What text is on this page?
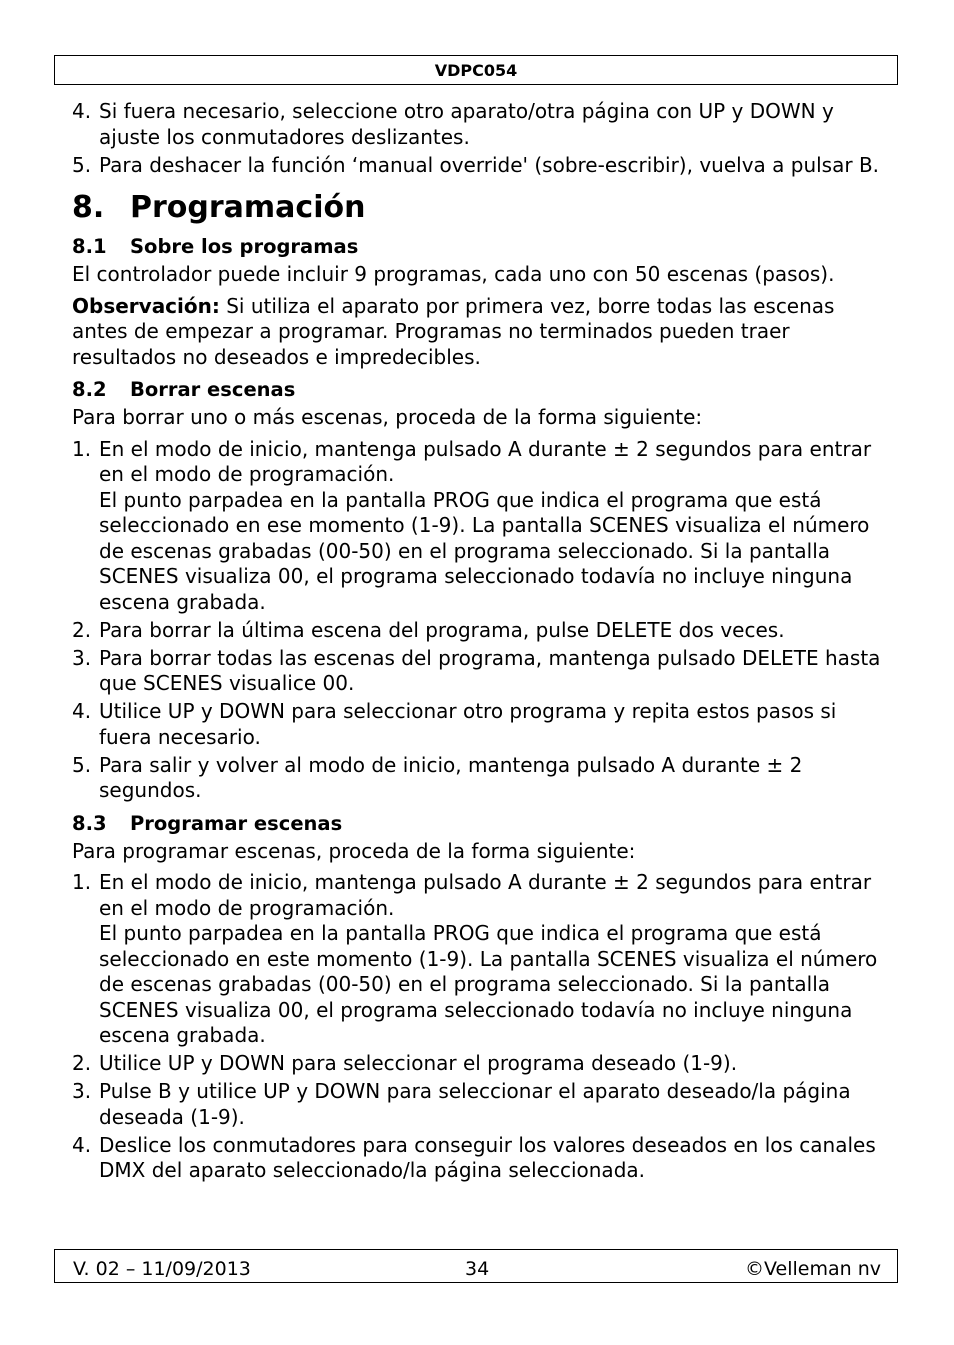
VDPC054
4. Si fuera necesario, seleccione otro aparato/otra página con UP y DOWN y ajuste los conmutadores deslizantes.
5. Para deshacer la función ‘manual override' (sobre-escribir), vuelva a pulsar B.
8. Programación
8.1	Sobre los programas

El controlador puede incluir 9 programas, cada uno con 50 escenas (pasos).

Observación: Si utiliza el aparato por primera vez, borre todas las escenas antes de empezar a programar. Programas no terminados pueden traer resultados no deseados e impredecibles.

8.2	Borrar escenas

Para borrar uno o más escenas, proceda de la forma siguiente:

1. En el modo de inicio, mantenga pulsado A durante ± 2 segundos para entrar en el modo de programación.
El punto parpadea en la pantalla PROG que indica el programa que está seleccionado en ese momento (1-9). La pantalla SCENES visualiza el número de escenas grabadas (00-50) en el programa seleccionado. Si la pantalla SCENES visualiza 00, el programa seleccionado todavía no incluye ninguna escena grabada.
2. Para borrar la última escena del programa, pulse DELETE dos veces.
3. Para borrar todas las escenas del programa, mantenga pulsado DELETE hasta que SCENES visualice 00.
4. Utilice UP y DOWN para seleccionar otro programa y repita estos pasos si fuera necesario.
5. Para salir y volver al modo de inicio, mantenga pulsado A durante ± 2 segundos.
8.3	Programar escenas

Para programar escenas, proceda de la forma siguiente:

1. En el modo de inicio, mantenga pulsado A durante ± 2 segundos para entrar en el modo de programación.
El punto parpadea en la pantalla PROG que indica el programa que está seleccionado en este momento (1-9). La pantalla SCENES visualiza el número de escenas grabadas (00-50) en el programa seleccionado. Si la pantalla SCENES visualiza 00, el programa seleccionado todavía no incluye ninguna escena grabada.
2. Utilice UP y DOWN para seleccionar el programa deseado (1-9).
3. Pulse B y utilice UP y DOWN para seleccionar el aparato deseado/la página deseada (1-9).
4. Deslice los conmutadores para conseguir los valores deseados en los canales DMX del aparato seleccionado/la página seleccionada.
V. 02 – 11/09/2013	34	©Velleman nv
